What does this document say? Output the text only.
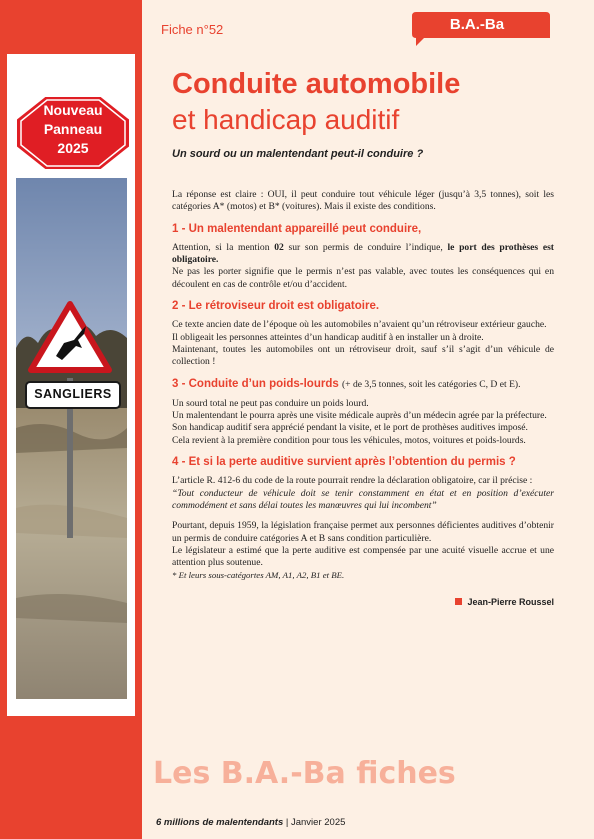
Nouveau
Panneau
2025
SANGLIERS
Fiche n°52	B.A.-Ba
Conduite automobile
et handicap auditif
Un sourd ou un malentendant peut-il conduire ?

La réponse est claire : OUI, il peut conduire tout véhicule léger (jusqu’à 3,5 tonnes), soit les catégories A* (motos) et B* (voitures). Mais il existe des conditions.

1 - Un malentendant appareillé peut conduire,

Attention, si la mention 02 sur son permis de conduire l’indique, le port des prothèses est obligatoire.

Ne pas les porter signifie que le permis n’est pas valable, avec toutes les conséquences qui en découlent en cas de contrôle et/ou d’accident.

2 - Le rétroviseur droit est obligatoire.

Ce texte ancien date de l’époque où les automobiles n’avaient qu’un rétroviseur extérieur gauche.

Il obligeait les personnes atteintes d’un handicap auditif à en installer un à droite.

Maintenant, toutes les automobiles ont un rétroviseur droit, sauf s’il s’agit d’un véhicule de collection !

3 - Conduite d’un poids-lourds (+ de 3,5 tonnes, soit les catégories C, D et E).

Un sourd total ne peut pas conduire un poids lourd.

Un malentendant le pourra après une visite médicale auprès d’un médecin agrée par la préfecture.

Son handicap auditif sera apprécié pendant la visite, et le port de prothèses auditives imposé.

Cela revient à la première condition pour tous les véhicules, motos, voitures et poids-lourds.

4 - Et si la perte auditive survient après l’obtention du permis ?

L’article R. 412-6 du code de la route pourrait rendre la déclaration obligatoire, car il précise :

“Tout conducteur de véhicule doit se tenir constamment en état et en position d’exécuter commodément et sans délai toutes les manœuvres qui lui incombent”

Pourtant, depuis 1959, la législation française permet aux personnes déficientes auditives d’obtenir un permis de conduire catégories A et B sans condition particulière.

Le législateur a estimé que la perte auditive est compensée par une acuité visuelle accrue et une attention plus soutenue.

* Et leurs sous-catégortes AM, A1, A2, B1 et BE.

Jean-Pierre Roussel
Les B.A.-Ba fiches
6 millions de malentendants | Janvier 2025
